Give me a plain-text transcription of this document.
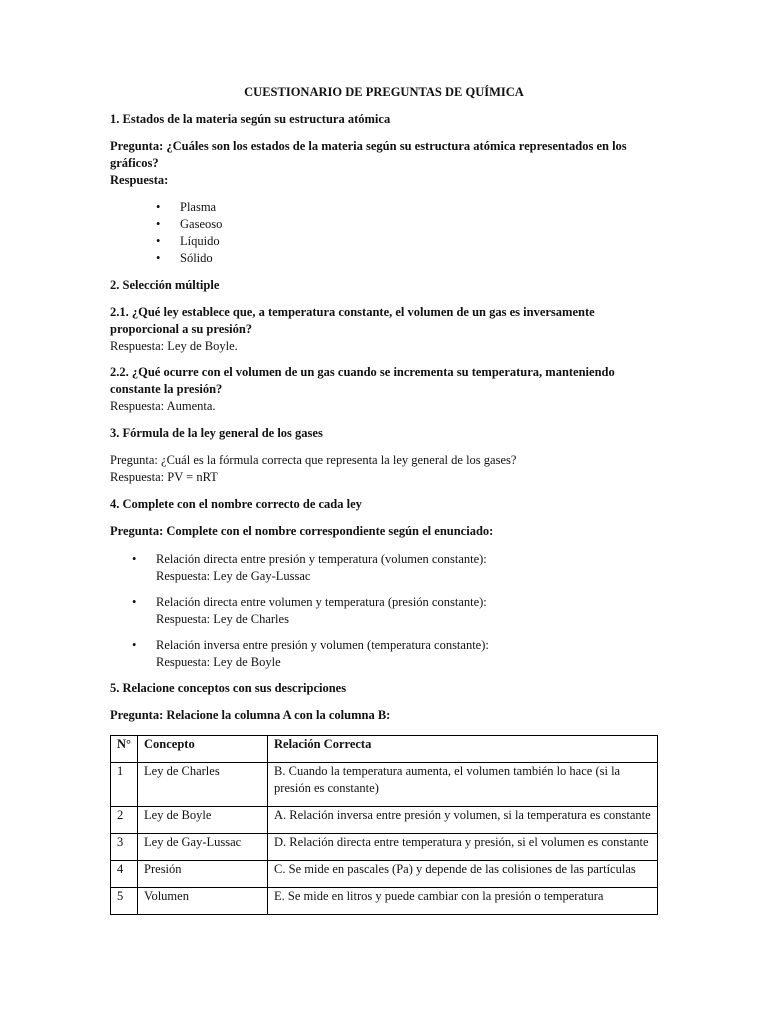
CUESTIONARIO DE PREGUNTAS DE QUÍMICA

1. Estados de la materia según su estructura atómica

Pregunta: ¿Cuáles son los estados de la materia según su estructura atómica representados en los gráficos?

Respuesta:

• Plasma
• Gaseoso
• Líquido
• Sólido

2. Selección múltiple

2.1. ¿Qué ley establece que, a temperatura constante, el volumen de un gas es inversamente proporcional a su presión?

Respuesta: Ley de Boyle.

2.2. ¿Qué ocurre con el volumen de un gas cuando se incrementa su temperatura, manteniendo constante la presión?

Respuesta: Aumenta.

3. Fórmula de la ley general de los gases

Pregunta: ¿Cuál es la fórmula correcta que representa la ley general de los gases?

Respuesta: PV = nRT

4. Complete con el nombre correcto de cada ley

Pregunta: Complete con el nombre correspondiente según el enunciado:

• Relación directa entre presión y temperatura (volumen constante):

Respuesta: Ley de Gay-Lussac

• Relación directa entre volumen y temperatura (presión constante):

Respuesta: Ley de Charles

• Relación inversa entre presión y volumen (temperatura constante):

Respuesta: Ley de Boyle

5. Relacione conceptos con sus descripciones

Pregunta: Relacione la columna A con la columna B:

N°	Concepto	Relación Correcta
1	Ley de Charles	B. Cuando la temperatura aumenta, el volumen también lo hace (si la presión es constante)
2	Ley de Boyle	A. Relación inversa entre presión y volumen, si la temperatura es constante
3	Ley de Gay-Lussac	D. Relación directa entre temperatura y presión, si el volumen es constante
4	Presión	C. Se mide en pascales (Pa) y depende de las colisiones de las partículas
5	Volumen	E. Se mide en litros y puede cambiar con la presión o temperatura
